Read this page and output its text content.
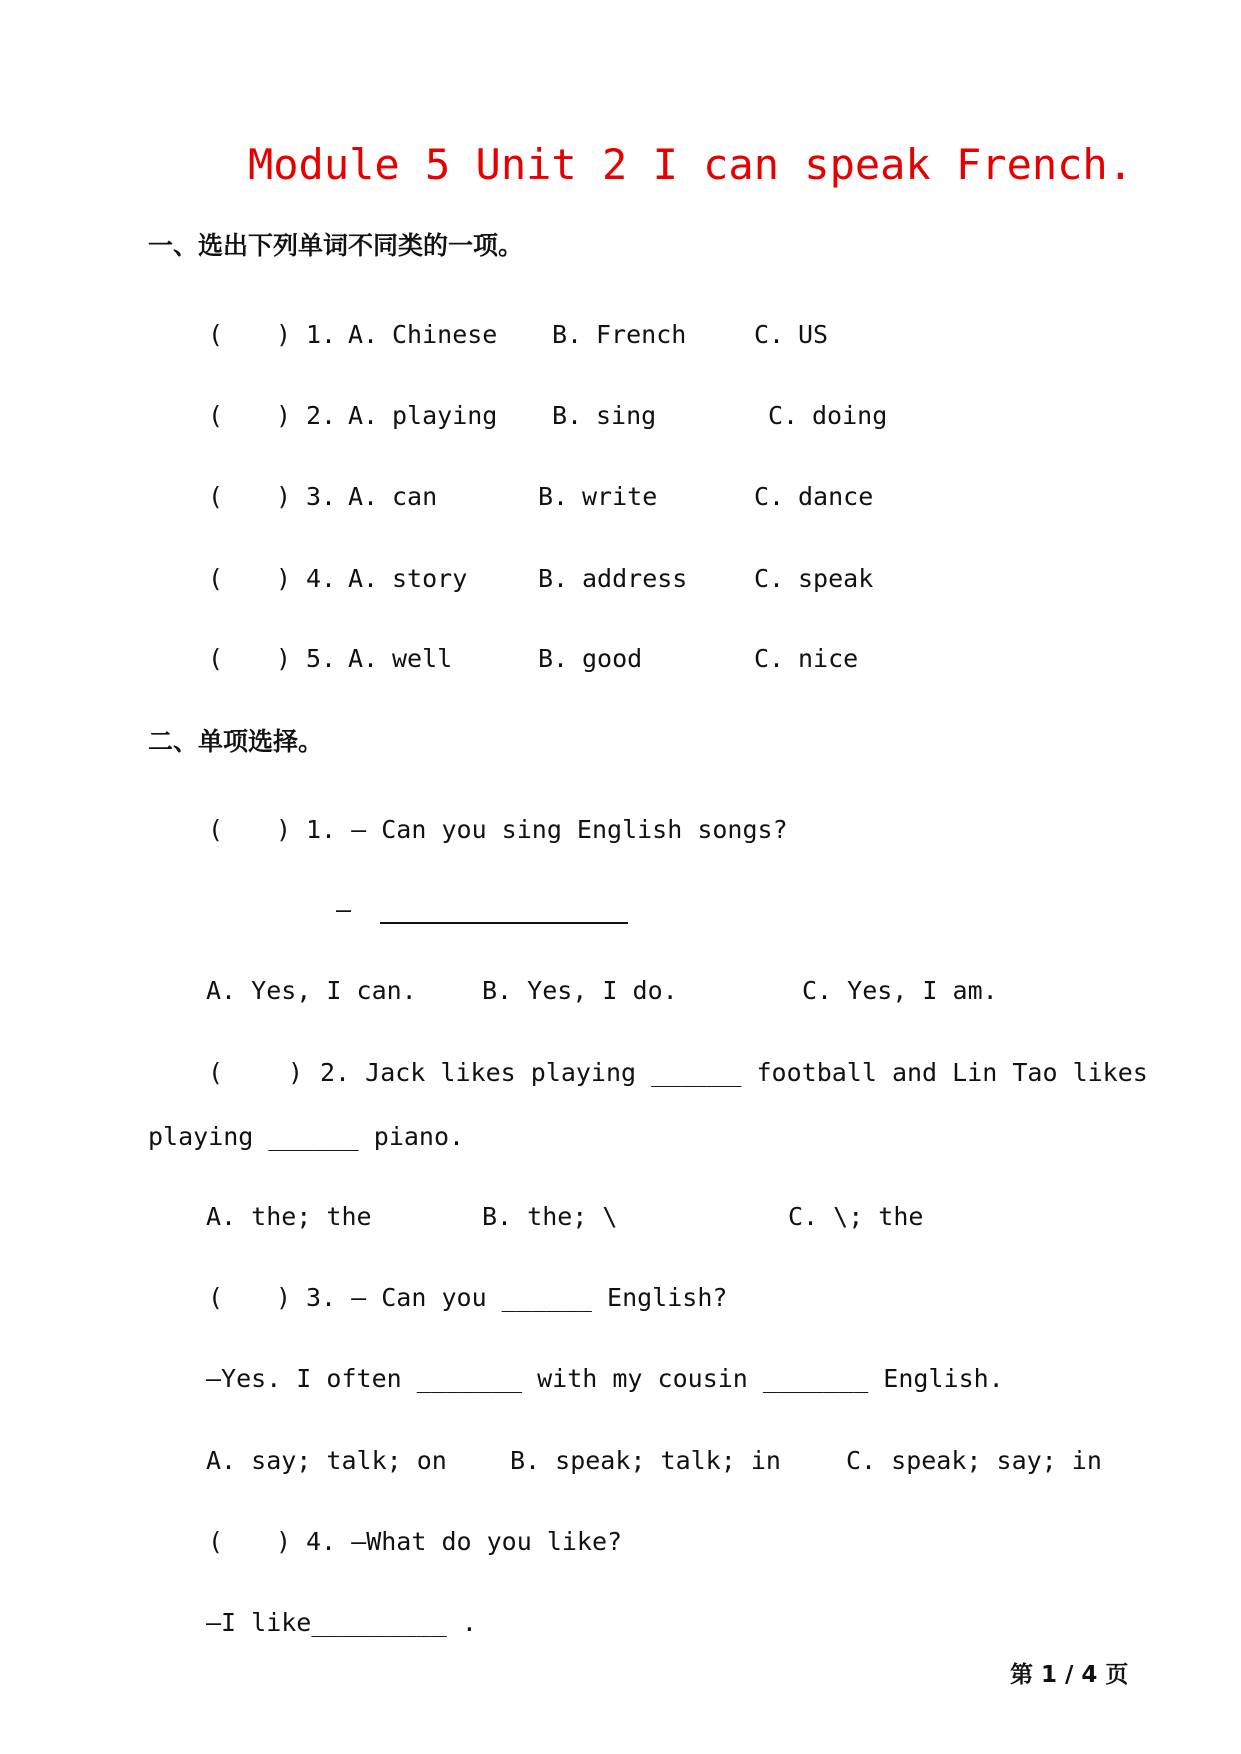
Module 5 Unit 2 I can speak French.
一、选出下列单词不同类的一项。
( ) 1. A. Chinese B. French	C. US
( ) 2. A. playing B. sing	C. doing
( ) 3. A. can	B. write	C. dance
( ) 4. A. story	B. address	C. speak
( ) 5. A. well	B. good	C. nice
二、单项选择。
( ) 1. — Can you sing English songs?
—
A. Yes, I can.	B. Yes, I do.	C. Yes, I am.
(	) 2. Jack likes playing ______ football and Lin Tao likes
playing ______ piano.
A. the; the	B. the; \	C. \; the
( ) 3. — Can you ______ English?
—Yes. I often _______ with my cousin _______ English.
A. say; talk; on	B. speak; talk; in	C. speak; say; in
( ) 4. —What do you like?
—I like_________ .
第 1 / 4 页
